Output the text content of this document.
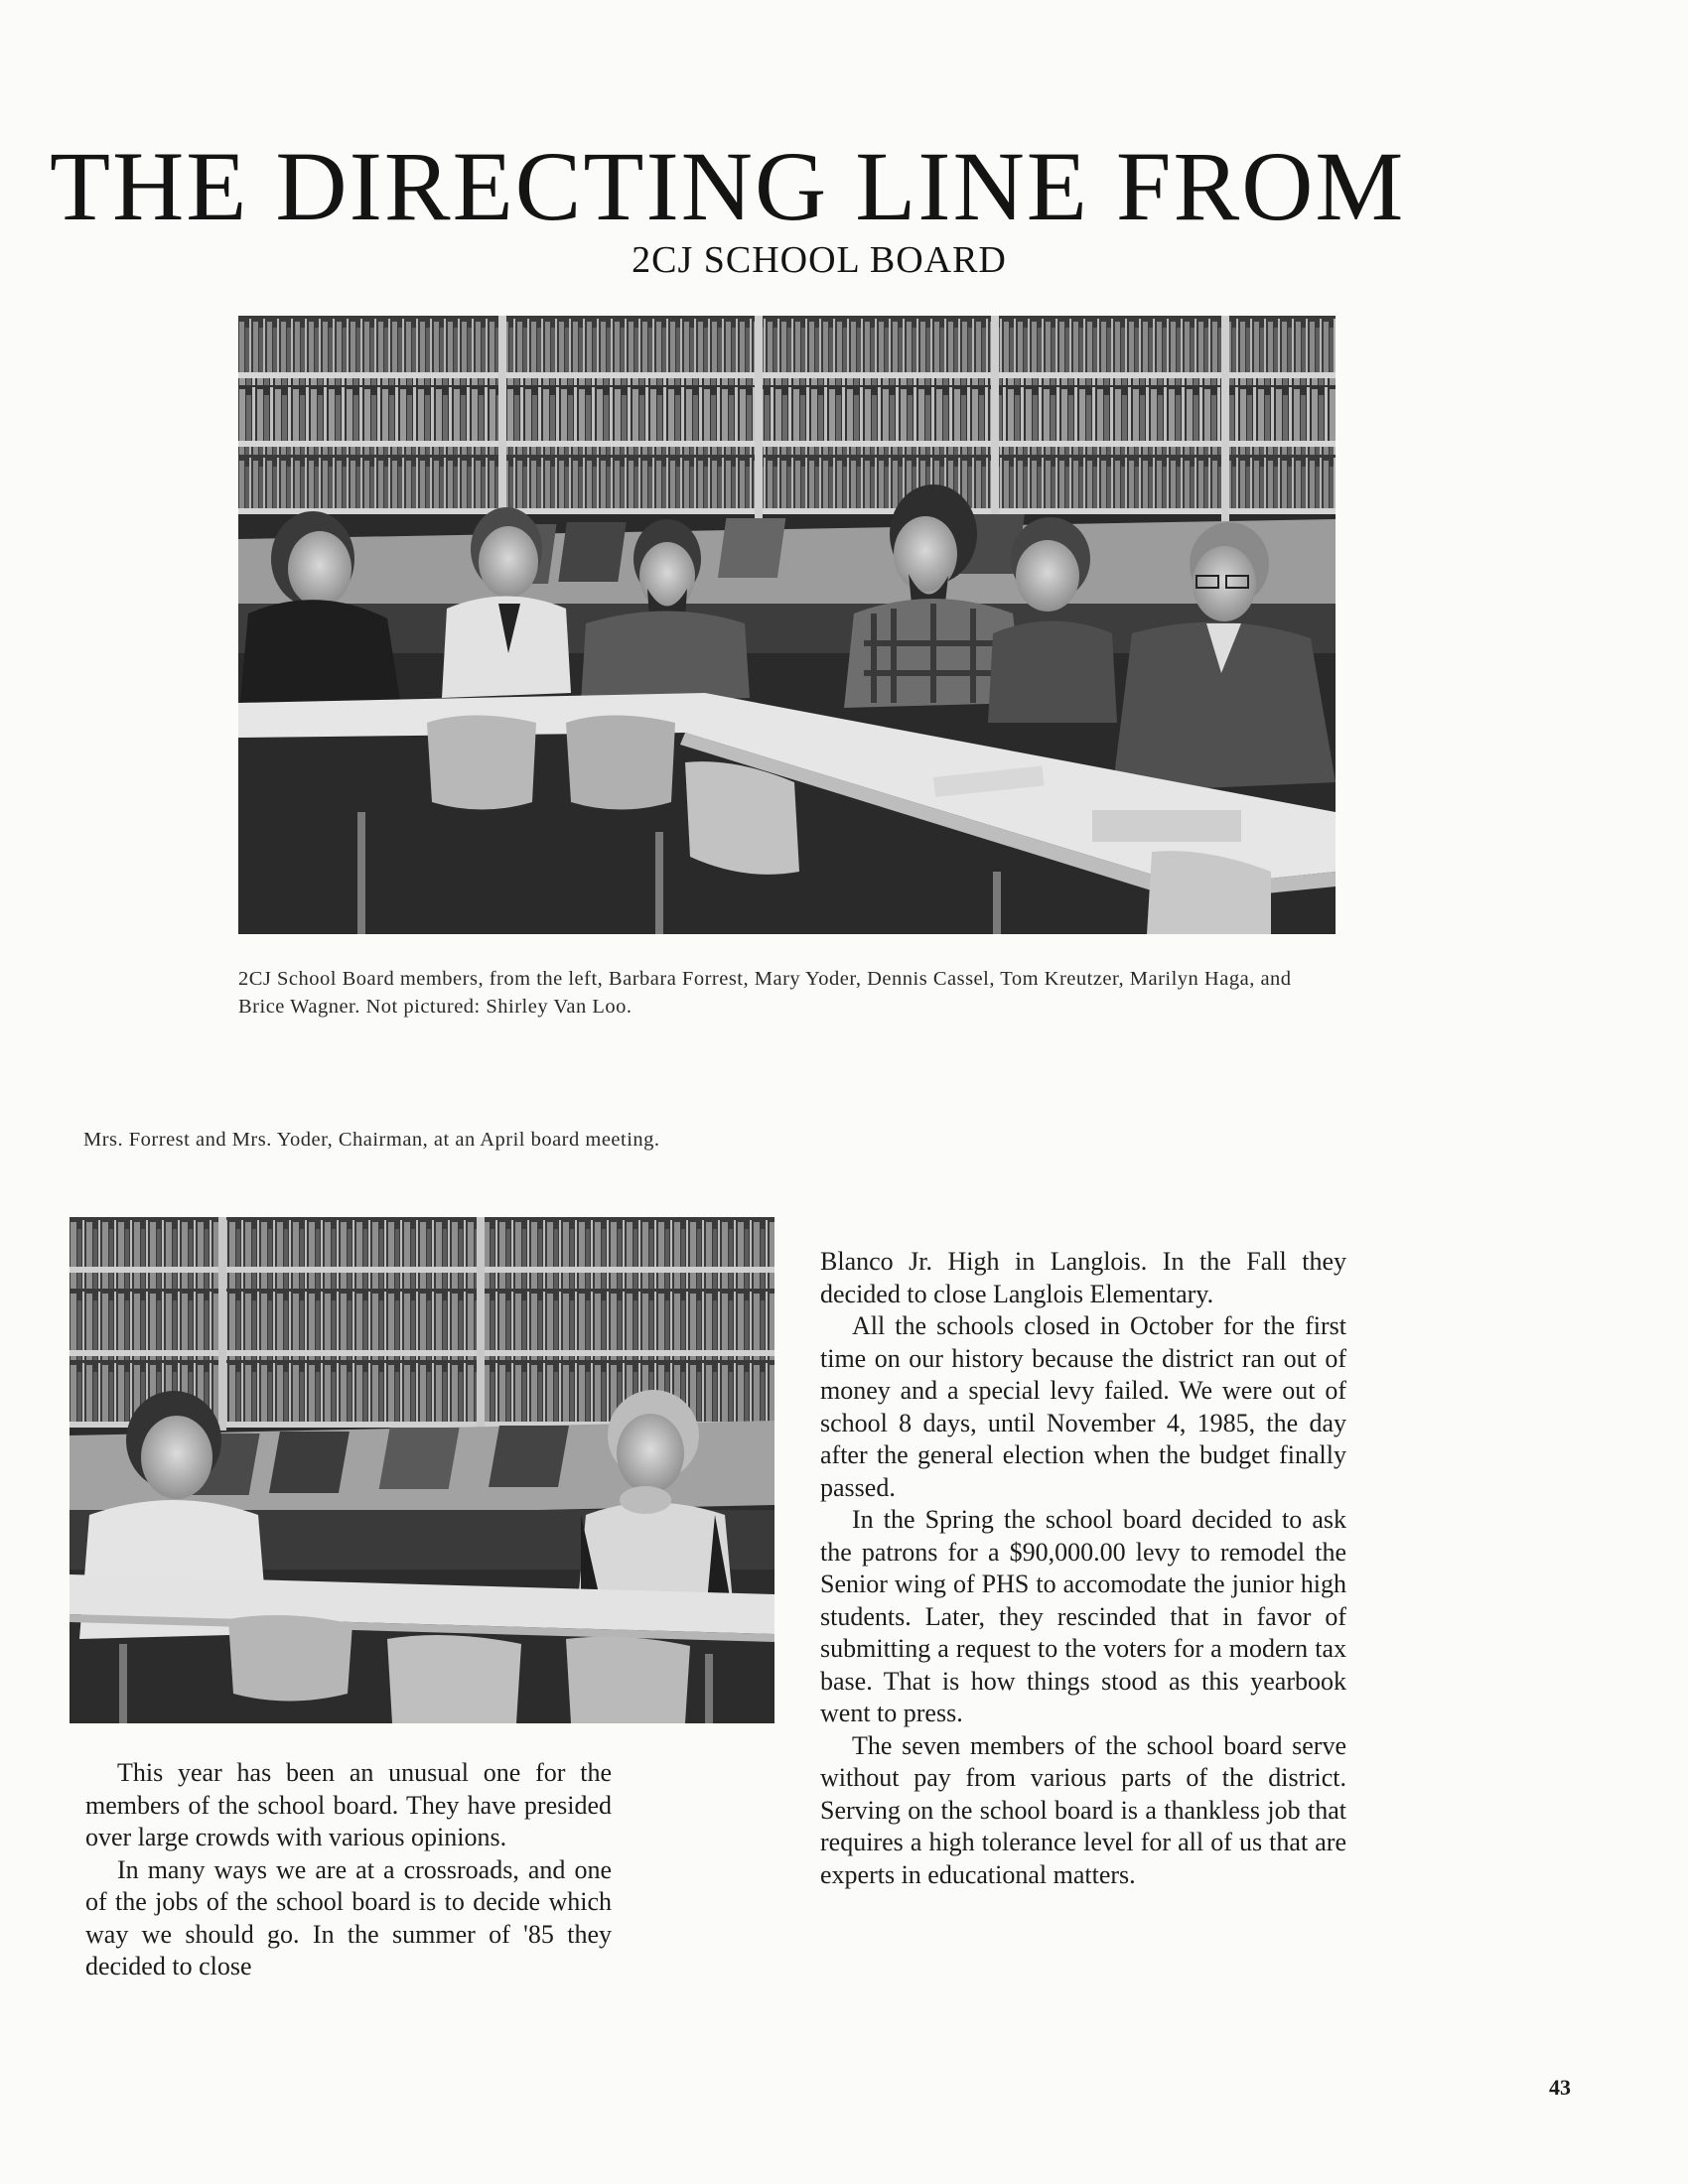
THE DIRECTING LINE FROM
2CJ SCHOOL BOARD
2CJ School Board members, from the left, Barbara Forrest, Mary Yoder, Dennis Cassel, Tom Kreutzer, Marilyn Haga, and Brice Wagner. Not pictured: Shirley Van Loo.
Mrs. Forrest and Mrs. Yoder, Chairman, at an April board meeting.

This year has been an unusual one for the members of the school board. They have presided over large crowds with various opinions.

In many ways we are at a crossroads, and one of the jobs of the school board is to decide which way we should go. In the summer of '85 they decided to close

Blanco Jr. High in Langlois. In the Fall they decided to close Langlois Elementary.

All the schools closed in October for the first time on our history because the district ran out of money and a special levy failed. We were out of school 8 days, until November 4, 1985, the day after the general election when the budget finally passed.

In the Spring the school board decided to ask the patrons for a $90,000.00 levy to remodel the Senior wing of PHS to accomodate the junior high students. Later, they rescinded that in favor of submitting a request to the voters for a modern tax base. That is how things stood as this yearbook went to press.

The seven members of the school board serve without pay from various parts of the district. Serving on the school board is a thankless job that requires a high tolerance level for all of us that are experts in educational matters.

43
